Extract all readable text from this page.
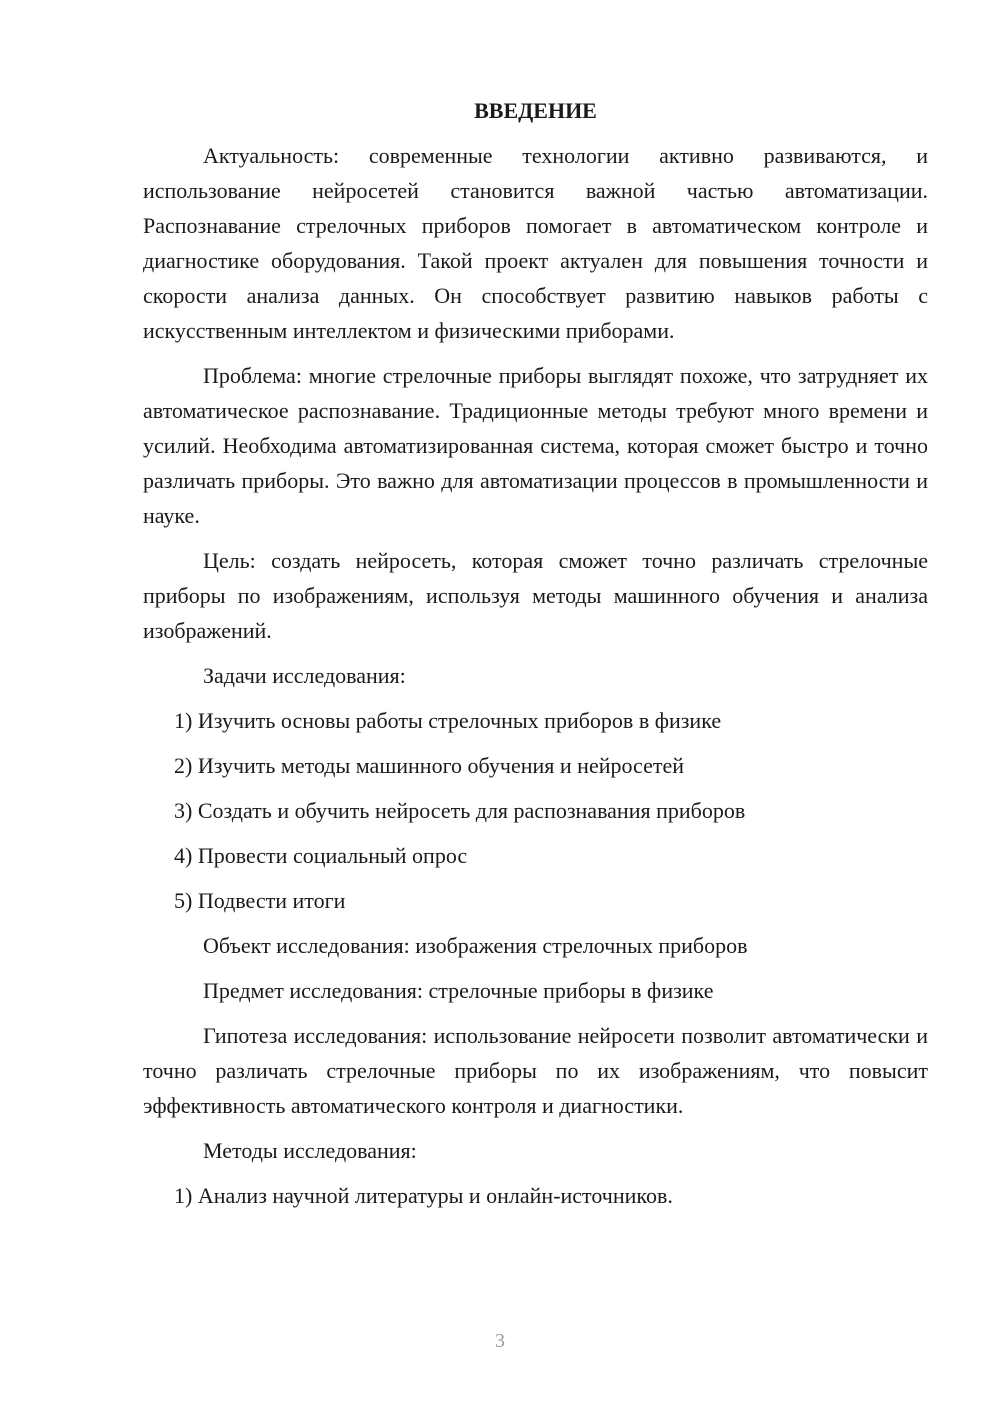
ВВЕДЕНИЕ

Актуальность: современные технологии активно развиваются, и использование нейросетей становится важной частью автоматизации. Распознавание стрелочных приборов помогает в автоматическом контроле и диагностике оборудования. Такой проект актуален для повышения точности и скорости анализа данных. Он способствует развитию навыков работы с искусственным интеллектом и физическими приборами.

Проблема: многие стрелочные приборы выглядят похоже, что затрудняет их автоматическое распознавание. Традиционные методы требуют много времени и усилий. Необходима автоматизированная система, которая сможет быстро и точно различать приборы. Это важно для автоматизации процессов в промышленности и науке.

Цель: создать нейросеть, которая сможет точно различать стрелочные приборы по изображениям, используя методы машинного обучения и анализа изображений.

Задачи исследования:

1) Изучить основы работы стрелочных приборов в физике

2) Изучить методы машинного обучения и нейросетей

3) Создать и обучить нейросеть для распознавания приборов

4) Провести социальный опрос

5) Подвести итоги

Объект исследования: изображения стрелочных приборов

Предмет исследования: стрелочные приборы в физике

Гипотеза исследования: использование нейросети позволит автоматически и точно различать стрелочные приборы по их изображениям, что повысит эффективность автоматического контроля и диагностики.

Методы исследования:

1) Анализ научной литературы и онлайн-источников.

3
